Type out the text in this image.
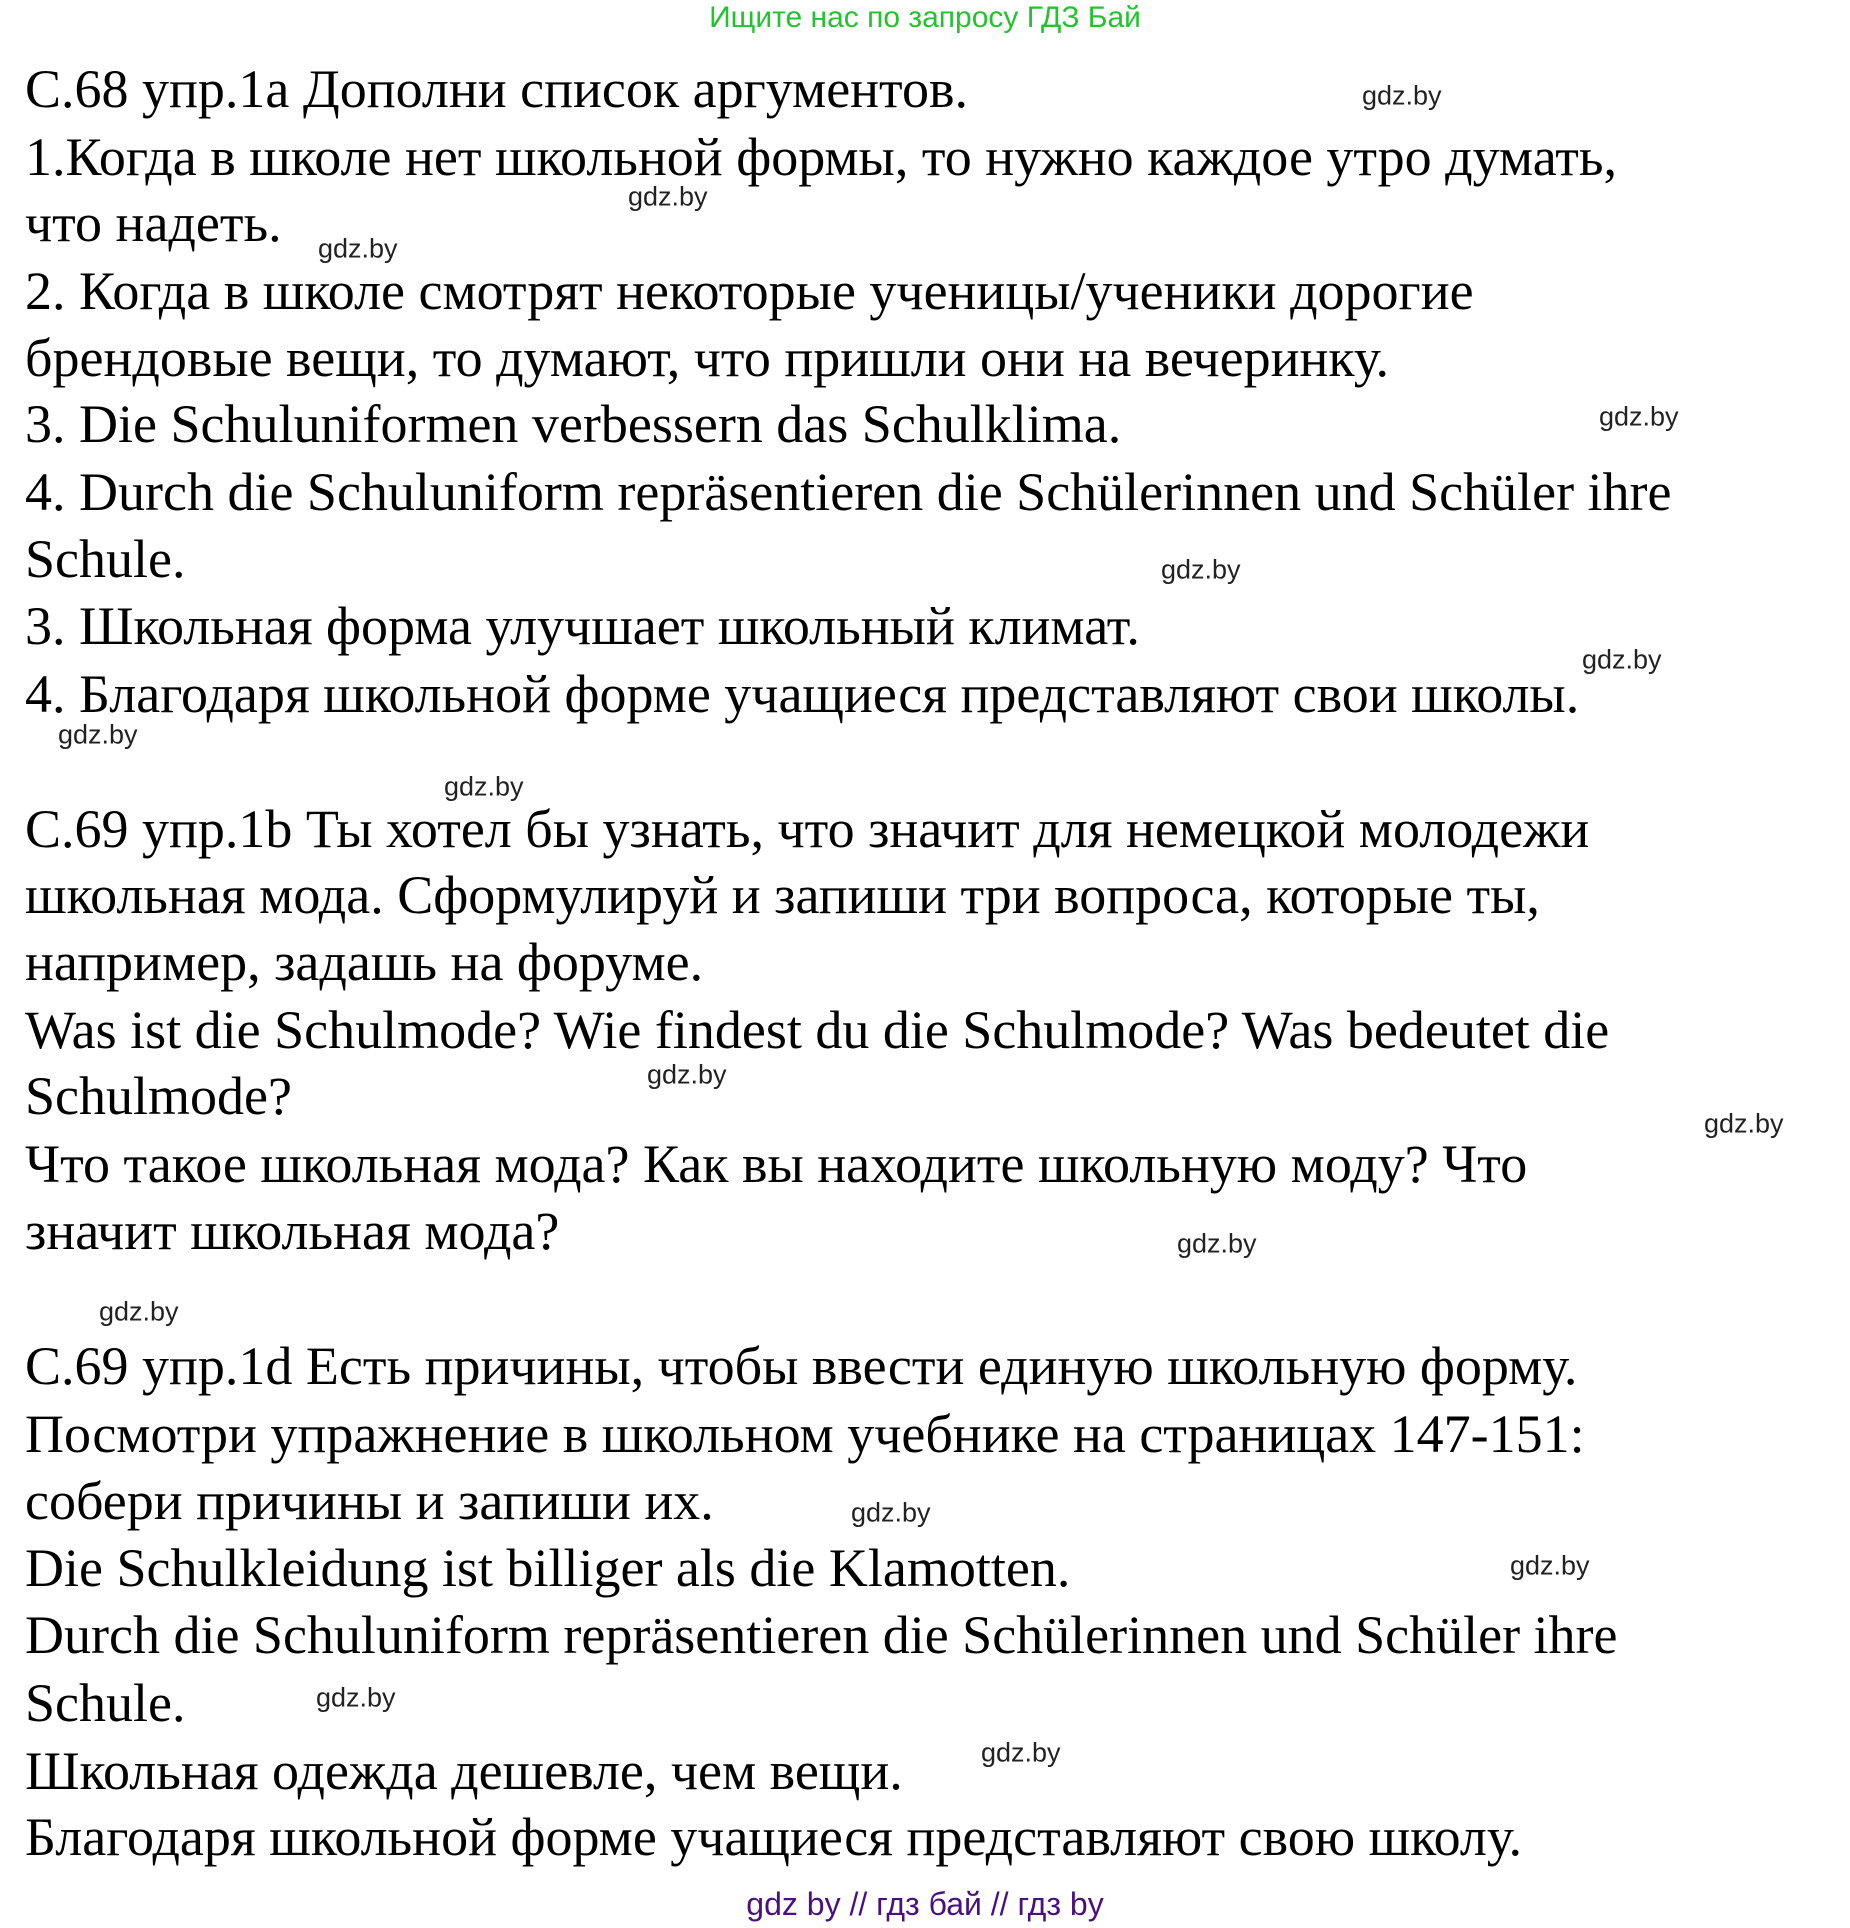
Ищите нас по запросу ГДЗ Бай
С.68 упр.1a Дополни список аргументов.
1.Когда в школе нет школьной формы, то нужно каждое утро думать,
что надеть.
2. Когда в школе смотрят некоторые ученицы/ученики дорогие
брендовые вещи, то думают, что пришли они на вечеринку.
3. Die Schuluniformen verbessern das Schulklima.
4. Durch die Schuluniform repräsentieren die Schülerinnen und Schüler ihre
Schule.
3. Школьная форма улучшает школьный климат.
4. Благодаря школьной форме учащиеся представляют свои школы.
С.69 упр.1b Ты хотел бы узнать, что значит для немецкой молодежи
школьная мода. Сформулируй и запиши три вопроса, которые ты,
например, задашь на форуме.
Was ist die Schulmode? Wie findest du die Schulmode? Was bedeutet die
Schulmode?
Что такое школьная мода? Как вы находите школьную моду? Что
значит школьная мода?
С.69 упр.1d Есть причины, чтобы ввести единую школьную форму.
Посмотри упражнение в школьном учебнике на страницах 147-151:
собери причины и запиши их.
Die Schulkleidung ist billiger als die Klamotten.
Durch die Schuluniform repräsentieren die Schülerinnen und Schüler ihre
Schule.
Школьная одежда дешевле, чем вещи.
Благодаря школьной форме учащиеся представляют свою школу.
gdz.by
gdz.by
gdz.by
gdz.by
gdz.by
gdz.by
gdz.by
gdz.by
gdz.by
gdz.by
gdz.by
gdz.by
gdz.by
gdz.by
gdz.by
gdz.by
gdz by // гдз бай // гдз by
